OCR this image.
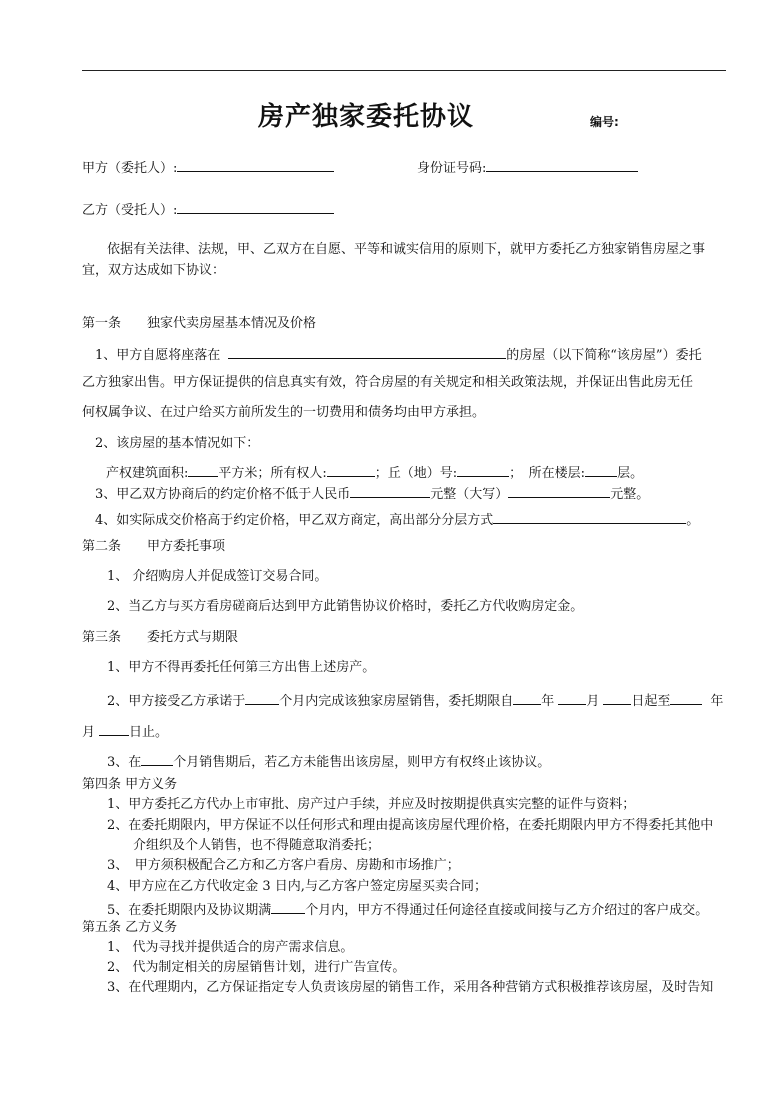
房产独家委托协议	编号:
甲方（委托人）:	身份证号码:
乙方（受托人）:
依据有关法律、法规，甲、乙双方在自愿、平等和诚实信用的原则下，就甲方委托乙方独家销售房屋之事
宜，双方达成如下协议：
第一条　　独家代卖房屋基本情况及价格
1、甲方自愿将座落在	的房屋（以下简称“该房屋”）委托
乙方独家出售。甲方保证提供的信息真实有效，符合房屋的有关规定和相关政策法规，并保证出售此房无任
何权属争议、在过户给买方前所发生的一切费用和债务均由甲方承担。
2、该房屋的基本情况如下：
产权建筑面积: 平方米；所有权人:	；丘（地）号:	；　所在楼层: 层。
3、甲乙双方协商后的约定价格不低于人民币	元整（大写）	元整。
4、如实际成交价格高于约定价格，甲乙双方商定，高出部分分层方式	。
第二条　　甲方委托事项
1、 介绍购房人并促成签订交易合同。
2、当乙方与买方看房磋商后达到甲方此销售协议价格时，委托乙方代收购房定金。
第三条　　委托方式与期限
1、甲方不得再委托任何第三方出售上述房产。
2、甲方接受乙方承诺于	个月内完成该独家房屋销售，委托期限自 年 月 日起至	年
月	日止。
3、在 个月销售期后，若乙方未能售出该房屋，则甲方有权终止该协议。
第四条 甲方义务
1、甲方委托乙方代办上市审批、房产过户手续，并应及时按期提供真实完整的证件与资料；
2、在委托期限内，甲方保证不以任何形式和理由提高该房屋代理价格，在委托期限内甲方不得委托其他中
介组织及个人销售，也不得随意取消委托；
3、　甲方须积极配合乙方和乙方客户看房、房勘和市场推广；
4、甲方应在乙方代收定金 3 日内,与乙方客户签定房屋买卖合同；
5、在委托期限内及协议期满	个月内，甲方不得通过任何途径直接或间接与乙方介绍过的客户成交。
第五条 乙方义务
1、 代为寻找并提供适合的房产需求信息。
2、 代为制定相关的房屋销售计划，进行广告宣传。
3、在代理期内，乙方保证指定专人负责该房屋的销售工作，采用各种营销方式积极推荐该房屋，及时告知
